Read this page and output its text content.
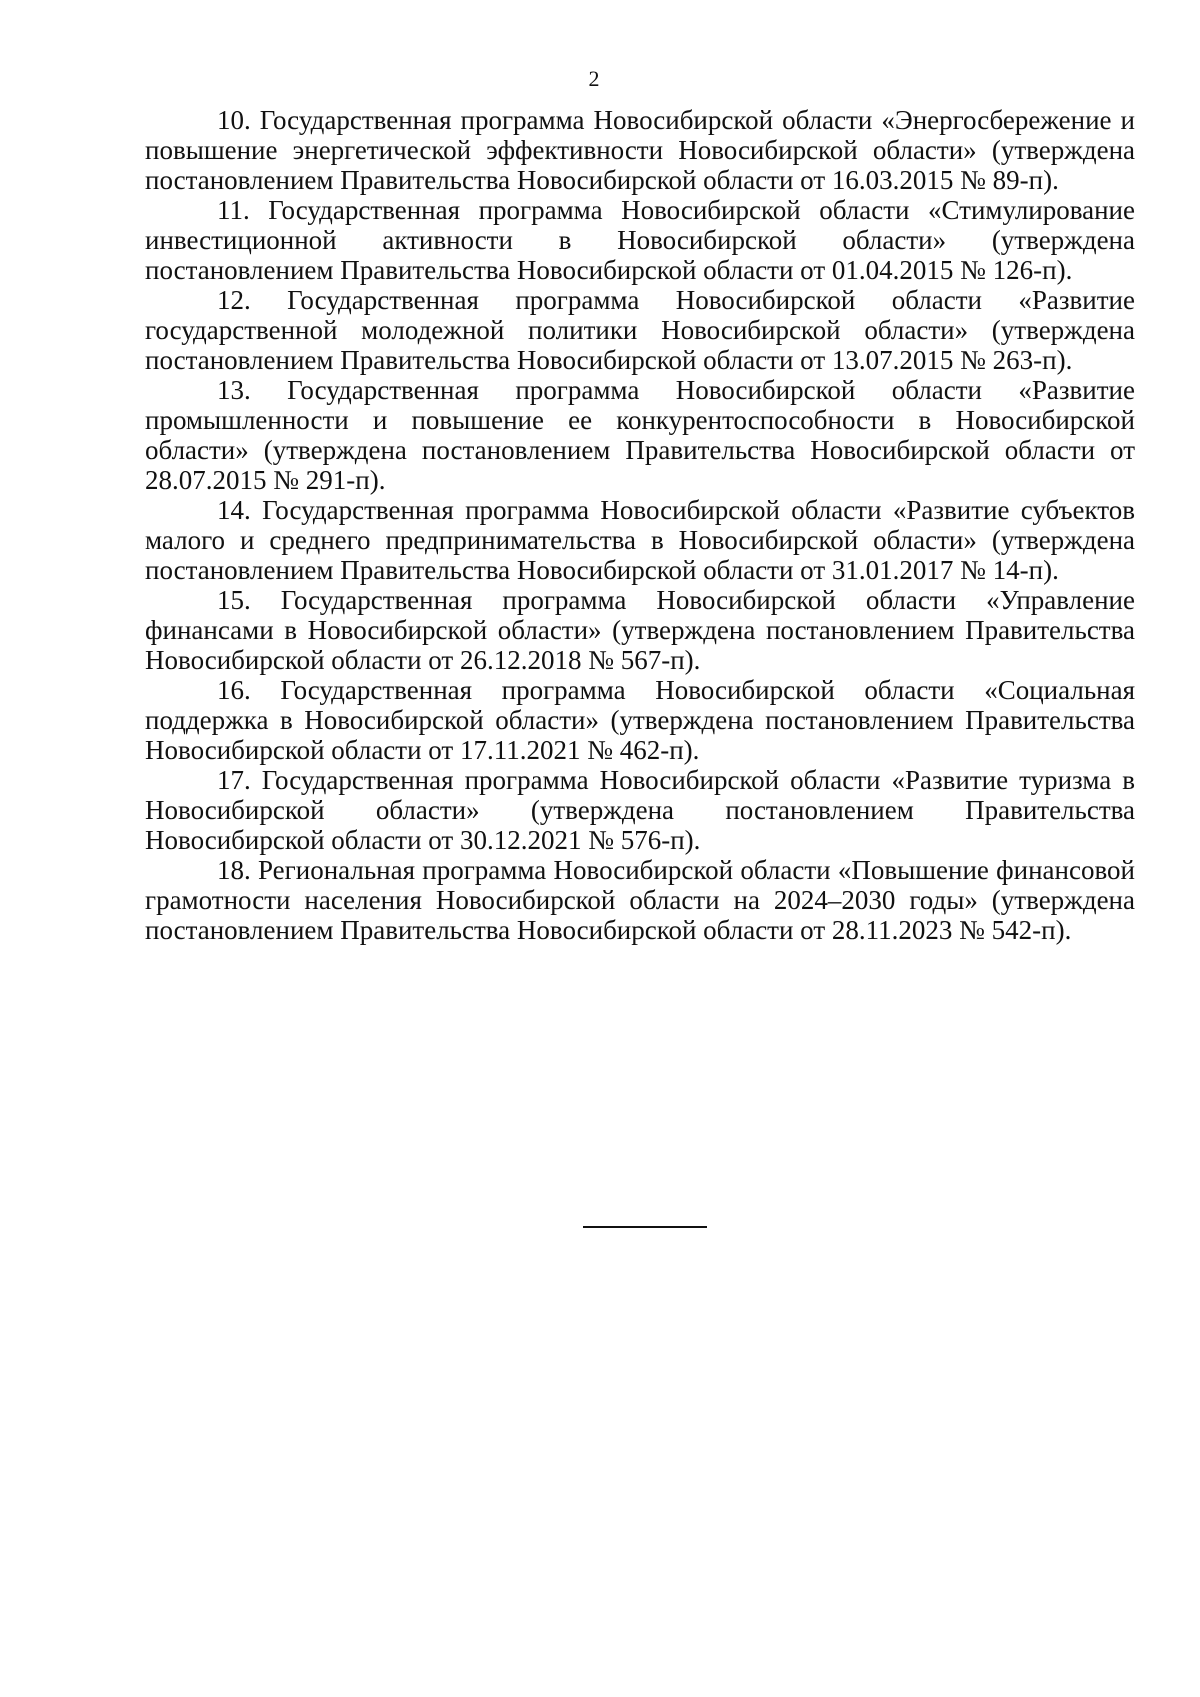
2

10. Государственная программа Новосибирской области «Энергосбережение и повышение энергетической эффективности Новосибирской области» (утверждена постановлением Правительства Новосибирской области от 16.03.2015 № 89-п).

11. Государственная программа Новосибирской области «Стимулирование инвестиционной активности в Новосибирской области» (утверждена постановлением Правительства Новосибирской области от 01.04.2015 № 126-п).

12. Государственная программа Новосибирской области «Развитие государственной молодежной политики Новосибирской области» (утверждена постановлением Правительства Новосибирской области от 13.07.2015 № 263-п).

13. Государственная программа Новосибирской области «Развитие промышленности и повышение ее конкурентоспособности в Новосибирской области» (утверждена постановлением Правительства Новосибирской области от 28.07.2015 № 291-п).

14. Государственная программа Новосибирской области «Развитие субъектов малого и среднего предпринимательства в Новосибирской области» (утверждена постановлением Правительства Новосибирской области от 31.01.2017 № 14-п).

15. Государственная программа Новосибирской области «Управление финансами в Новосибирской области» (утверждена постановлением Правительства Новосибирской области от 26.12.2018 № 567-п).

16. Государственная программа Новосибирской области «Социальная поддержка в Новосибирской области» (утверждена постановлением Правительства Новосибирской области от 17.11.2021 № 462-п).

17. Государственная программа Новосибирской области «Развитие туризма в Новосибирской области» (утверждена постановлением Правительства Новосибирской области от 30.12.2021 № 576-п).

18. Региональная программа Новосибирской области «Повышение финансовой грамотности населения Новосибирской области на 2024–2030 годы» (утверждена постановлением Правительства Новосибирской области от 28.11.2023 № 542-п).
